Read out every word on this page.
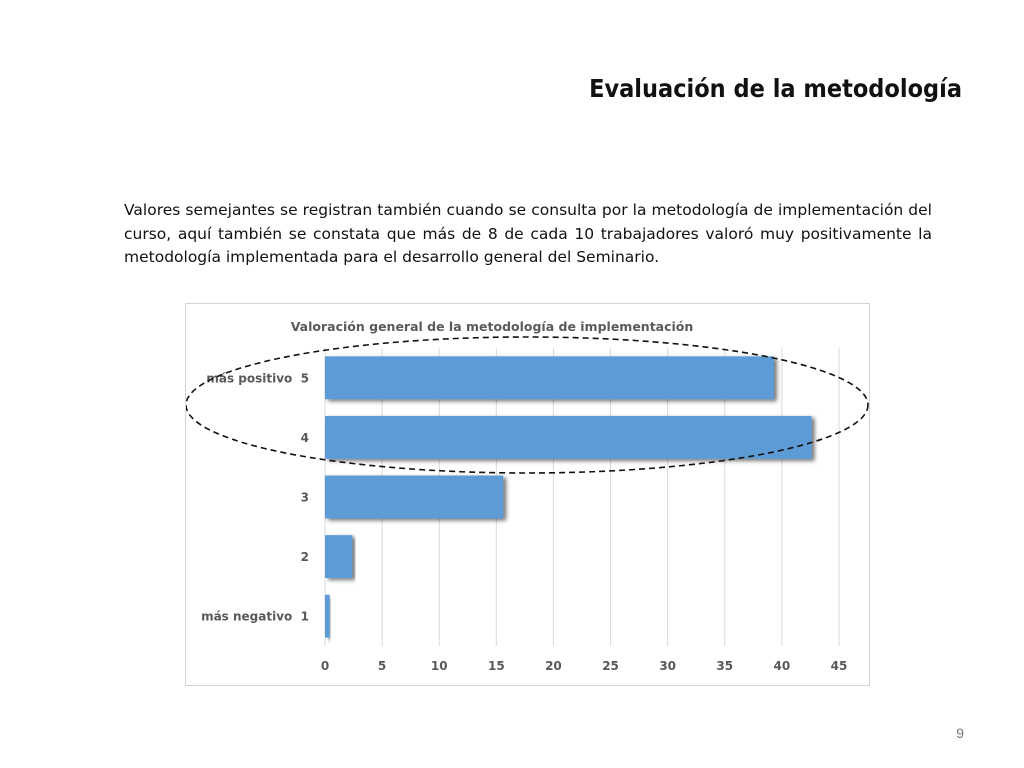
Evaluación de la metodología
Valores semejantes se registran también cuando se consulta por la metodología de implementación del curso, aquí también se constata que más de 8 de cada 10 trabajadores valoró muy positivamente la metodología implementada para el desarrollo general del Seminario.
Valoración general de la metodología de implementación
más positivo  5
4
3
2
más negativo  1
0	5	10	15	20	25	30	35	40	45
9
